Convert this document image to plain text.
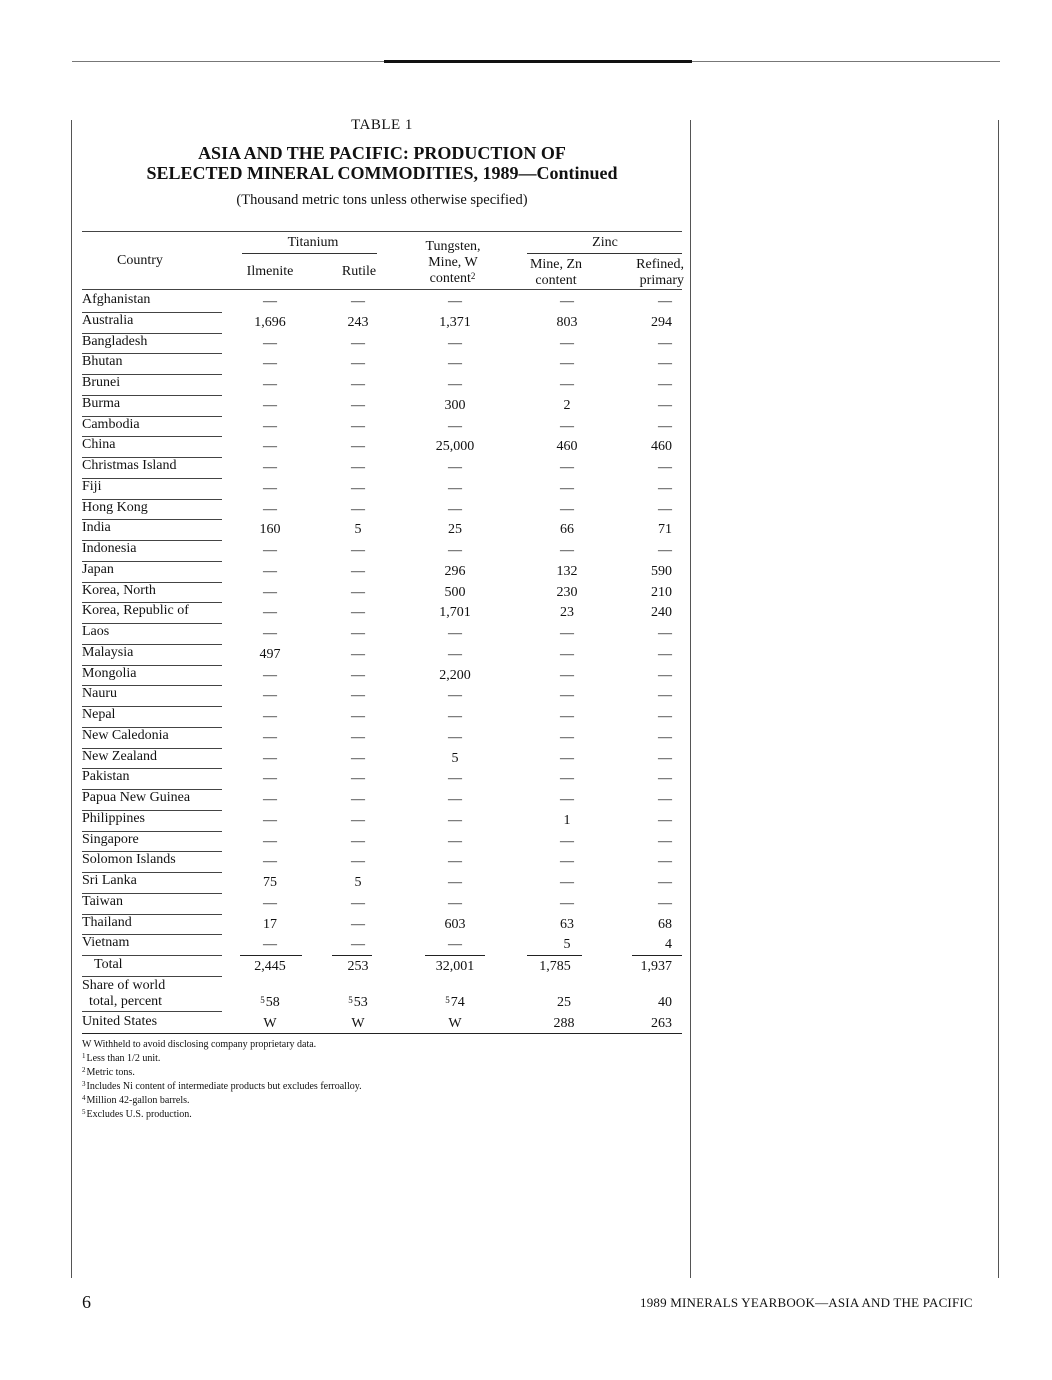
TABLE 1
ASIA AND THE PACIFIC: PRODUCTION OF
SELECTED MINERAL COMMODITIES, 1989—Continued
(Thousand metric tons unless otherwise specified)
Country
Titanium
Ilmenite	Rutile
Tungsten,
Mine, W
content$^2$
Zinc
Mine, Zn
content
Refined,
primary
Afghanistan	—	—	—	—	—
Australia	1,696	243	1,371	803	294
Bangladesh	—	—	—	—	—
Bhutan	—	—	—	—	—
Brunei	—	—	—	—	—
Burma	—	—	300	2	—
Cambodia	—	—	—	—	—
China	—	—	25,000	460	460
Christmas Island	—	—	—	—	—
Fiji	—	—	—	—	—
Hong Kong	—	—	—	—	—
India	160	5	25	66	71
Indonesia	—	—	—	—	—
Japan	—	—	296	132	590
Korea, North	—	—	500	230	210
Korea, Republic of	—	—	1,701	23	240
Laos	—	—	—	—	—
Malaysia	497	—	—	—	—
Mongolia	—	—	2,200	—	—
Nauru	—	—	—	—	—
Nepal	—	—	—	—	—
New Caledonia	—	—	—	—	—
New Zealand	—	—	5	—	—
Pakistan	—	—	—	—	—
Papua New Guinea	—	—	—	—	—
Philippines	—	—	—	1	—
Singapore	—	—	—	—	—
Solomon Islands	—	—	—	—	—
Sri Lanka	75	5	—	—	—
Taiwan	—	—	—	—	—
Thailand	17	—	603	63	68
Vietnam	—	—	—	5	4
Total	2,445	253	32,001	1,785	1,937
Share of world
total, percent	$^5$58	$^5$53	$^5$74	25	40
United States	W	W	W	288	263
W Withheld to avoid disclosing company proprietary data.
$^1$Less than 1/2 unit.
$^2$Metric tons.
$^3$Includes Ni content of intermediate products but excludes ferroalloy.
$^4$Million 42-gallon barrels.
$^5$Excludes U.S. production.
6	1989 MINERALS YEARBOOK—ASIA AND THE PACIFIC
